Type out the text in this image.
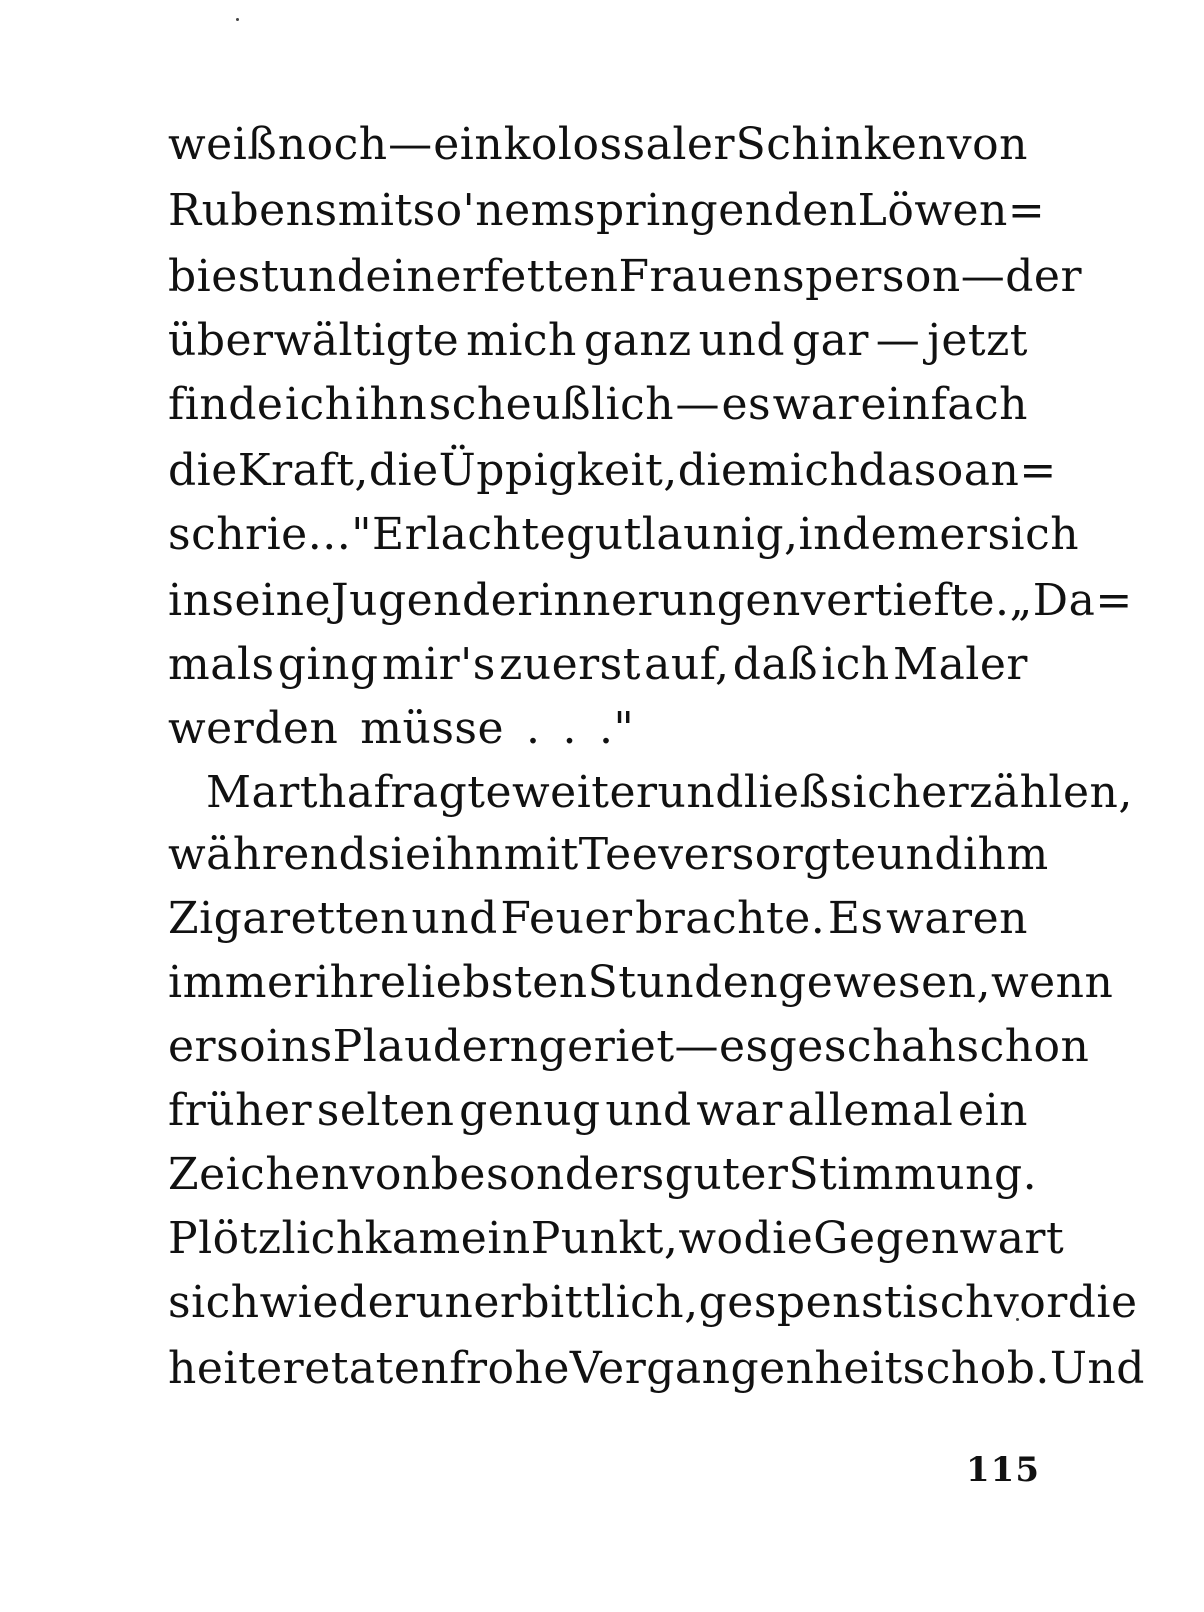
weiß noch — ein kolossaler Schinken von
Rubens mit so 'nem springenden Löwen=
biest und einer fetten Frauensperson — der
überwältigte mich ganz und gar — jetzt
finde ich ihn scheußlich — es war einfach
die Kraft, die Üppigkeit, die mich da so an=
schrie . . ." Er lachte gutlaunig, indem er sich
in seine Jugenderinnerungen vertiefte. „Da=
mals ging mir's zuerst auf, daß ich Maler
werden müsse . . ."
Martha fragte weiter und ließ sich erzählen,
während sie ihn mit Tee versorgte und ihm
Zigaretten und Feuer brachte. Es waren
immer ihre liebsten Stunden gewesen, wenn
er so ins Plaudern geriet — es geschah schon
früher selten genug und war allemal ein
Zeichen von besonders guter Stimmung.
Plötzlich kam ein Punkt, wo die Gegenwart
sich wieder unerbittlich, gespenstisch vor die
heitere tatenfrohe Vergangenheit schob. Und
115
